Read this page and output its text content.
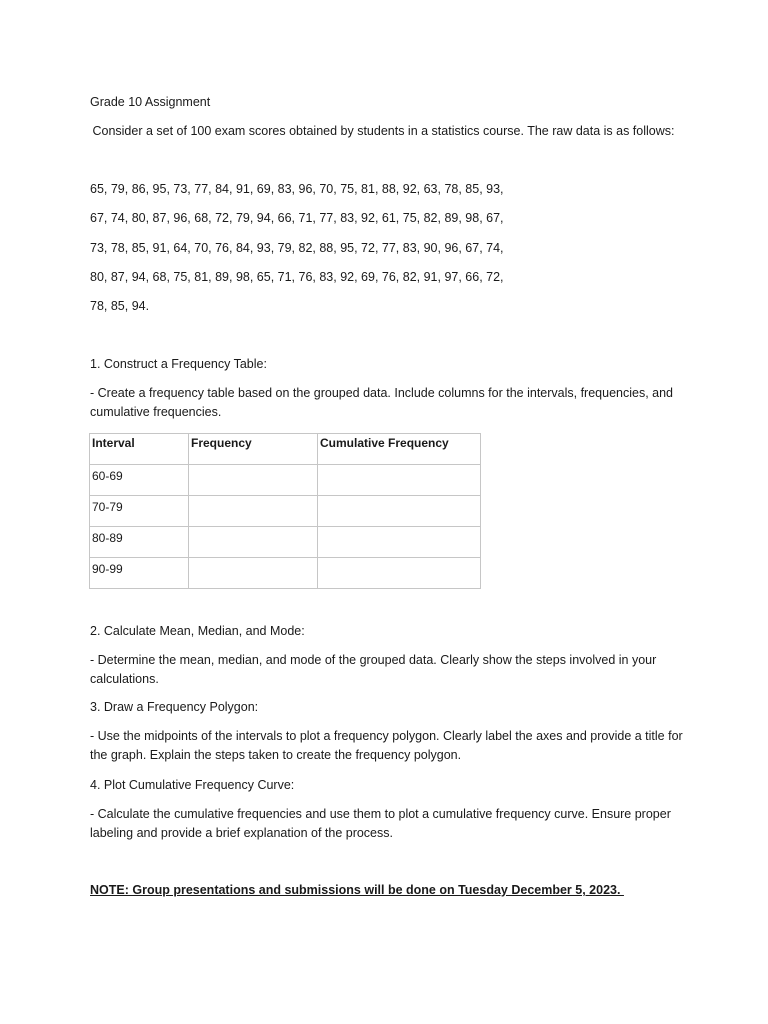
Grade 10 Assignment

Consider a set of 100 exam scores obtained by students in a statistics course. The raw data is as follows:

65, 79, 86, 95, 73, 77, 84, 91, 69, 83, 96, 70, 75, 81, 88, 92, 63, 78, 85, 93,

67, 74, 80, 87, 96, 68, 72, 79, 94, 66, 71, 77, 83, 92, 61, 75, 82, 89, 98, 67,

73, 78, 85, 91, 64, 70, 76, 84, 93, 79, 82, 88, 95, 72, 77, 83, 90, 96, 67, 74,

80, 87, 94, 68, 75, 81, 89, 98, 65, 71, 76, 83, 92, 69, 76, 82, 91, 97, 66, 72,

78, 85, 94.

1. Construct a Frequency Table:

- Create a frequency table based on the grouped data. Include columns for the intervals, frequencies, and cumulative frequencies.

Interval	Frequency	Cumulative Frequency
60-69		
70-79		
80-89		
90-99		

2. Calculate Mean, Median, and Mode:

- Determine the mean, median, and mode of the grouped data. Clearly show the steps involved in your calculations.

3. Draw a Frequency Polygon:

- Use the midpoints of the intervals to plot a frequency polygon. Clearly label the axes and provide a title for the graph. Explain the steps taken to create the frequency polygon.

4. Plot Cumulative Frequency Curve:

- Calculate the cumulative frequencies and use them to plot a cumulative frequency curve. Ensure proper labeling and provide a brief explanation of the process.

NOTE: Group presentations and submissions will be done on Tuesday December 5, 2023.
